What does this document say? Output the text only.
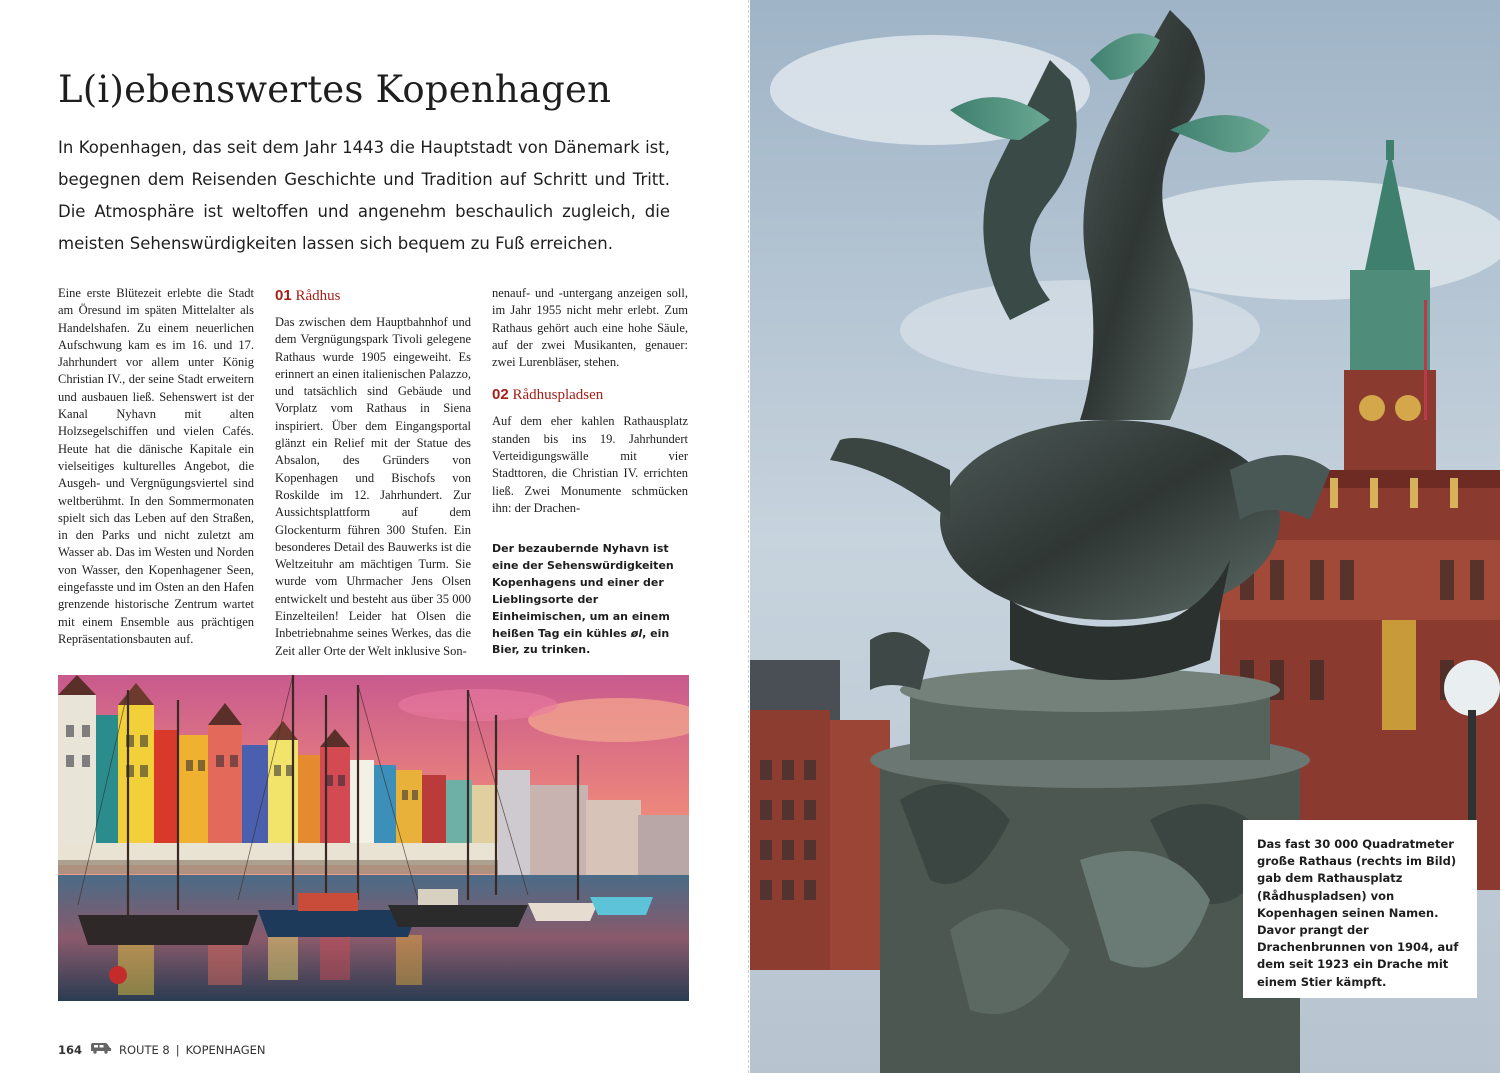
L(i)ebenswertes Kopenhagen

In Kopenhagen, das seit dem Jahr 1443 die Hauptstadt von Dänemark ist, begegnen dem Reisenden Geschichte und Tradition auf Schritt und Tritt. Die Atmosphäre ist weltoffen und angenehm beschaulich zugleich, die meisten Sehenswürdigkeiten lassen sich bequem zu Fuß erreichen.

Eine erste Blütezeit erlebte die Stadt am Öresund im späten Mittelalter als Handelshafen. Zu einem neuerlichen Aufschwung kam es im 16. und 17. Jahrhundert vor allem unter König Christian IV., der seine Stadt erweitern und ausbauen ließ. Sehenswert ist der Kanal Nyhavn mit alten Holzsegelschiffen und vielen Cafés. Heute hat die dänische Kapitale ein vielseitiges kulturelles Angebot, die Ausgeh- und Vergnügungsviertel sind weltberühmt. In den Sommermonaten spielt sich das Leben auf den Straßen, in den Parks und nicht zuletzt am Wasser ab. Das im Westen und Norden von Wasser, den Kopenhagener Seen, eingefasste und im Osten an den Hafen grenzende historische Zentrum wartet mit einem Ensemble aus prächtigen Repräsentationsbauten auf.

01 Rådhus

Das zwischen dem Hauptbahnhof und dem Vergnügungspark Tivoli gelegene Rathaus wurde 1905 eingeweiht. Es erinnert an einen italienischen Palazzo, und tatsächlich sind Gebäude und Vorplatz vom Rathaus in Siena inspiriert. Über dem Eingangsportal glänzt ein Relief mit der Statue des Absalon, des Gründers von Kopenhagen und Bischofs von Roskilde im 12. Jahrhundert. Zur Aussichtsplattform auf dem Glockenturm führen 300 Stufen. Ein besonderes Detail des Bauwerks ist die Weltzeituhr am mächtigen Turm. Sie wurde vom Uhrmacher Jens Olsen entwickelt und besteht aus über 35 000 Einzelteilen! Leider hat Olsen die Inbetriebnahme seines Werkes, das die Zeit aller Orte der Welt inklusive Son-

nenauf- und -untergang anzeigen soll, im Jahr 1955 nicht mehr erlebt. Zum Rathaus gehört auch eine hohe Säule, auf der zwei Musikanten, genauer: zwei Lurenbläser, stehen.

02 Rådhuspladsen

Auf dem eher kahlen Rathausplatz standen bis ins 19. Jahrhundert Verteidigungswälle mit vier Stadttoren, die Christian IV. errichten ließ. Zwei Monumente schmücken ihn: der Drachen-

Der bezaubernde Nyhavn ist eine der Sehenswürdigkeiten Kopenhagens und einer der Lieblingsorte der Einheimischen, um an einem heißen Tag ein kühles øl, ein Bier, zu trinken.

164	ROUTE 8 | KOPENHAGEN

Das fast 30 000 Quadratmeter große Rathaus (rechts im Bild) gab dem Rathausplatz (Rådhuspladsen) von Kopenhagen seinen Namen. Davor prangt der Drachenbrunnen von 1904, auf dem seit 1923 ein Drache mit einem Stier kämpft.
